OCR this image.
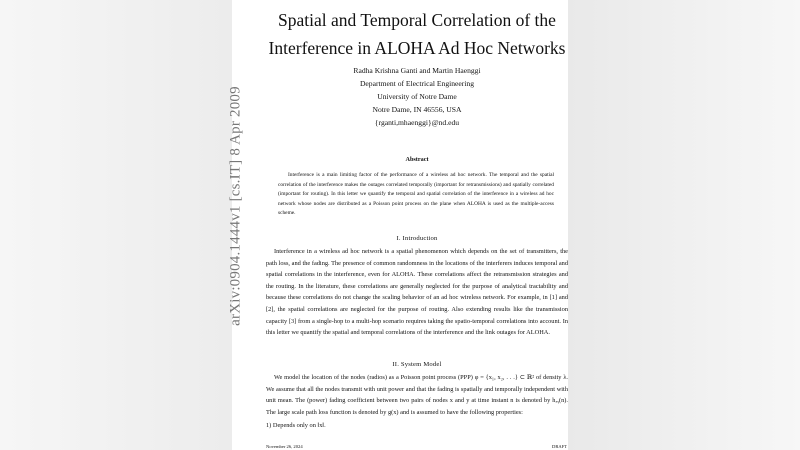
arXiv:0904.1444v1 [cs.IT] 8 Apr 2009
Spatial and Temporal Correlation of the
Interference in ALOHA Ad Hoc Networks
Radha Krishna Ganti and Martin Haenggi
Department of Electrical Engineering
University of Notre Dame
Notre Dame, IN 46556, USA
{rganti,mhaenggi}@nd.edu
Abstract
Interference is a main limiting factor of the performance of a wireless ad hoc network. The temporal and the spatial correlation of the interference makes the outages correlated temporally (important for retransmissions) and spatially correlated (important for routing). In this letter we quantify the temporal and spatial correlation of the interference in a wireless ad hoc network whose nodes are distributed as a Poisson point process on the plane when ALOHA is used as the multiple-access scheme.
I. Introduction
Interference in a wireless ad hoc network is a spatial phenomenon which depends on the set of transmitters, the path loss, and the fading. The presence of common randomness in the locations of the interferers induces temporal and spatial correlations in the interference, even for ALOHA. These correlations affect the retransmission strategies and the routing. In the literature, these correlations are generally neglected for the purpose of analytical tractability and because these correlations do not change the scaling behavior of an ad hoc wireless network. For example, in [1] and [2], the spatial correlations are neglected for the purpose of routing. Also extending results like the transmission capacity [3] from a single-hop to a multi-hop scenario requires taking the spatio-temporal correlations into account. In this letter we quantify the spatial and temporal correlations of the interference and the link outages for ALOHA.
II. System Model
We model the location of the nodes (radios) as a Poisson point process (PPP) φ = {x₁, x₂, . . .} ⊂ ℝ² of density λ. We assume that all the nodes transmit with unit power and that the fading is spatially and temporally independent with unit mean. The (power) fading coefficient between two pairs of nodes x and y at time instant n is denoted by hₓᵧ(n). The large scale path loss function is denoted by g(x) and is assumed to have the following properties:
1) Depends only on ‖x‖.
November 26, 2024	DRAFT
